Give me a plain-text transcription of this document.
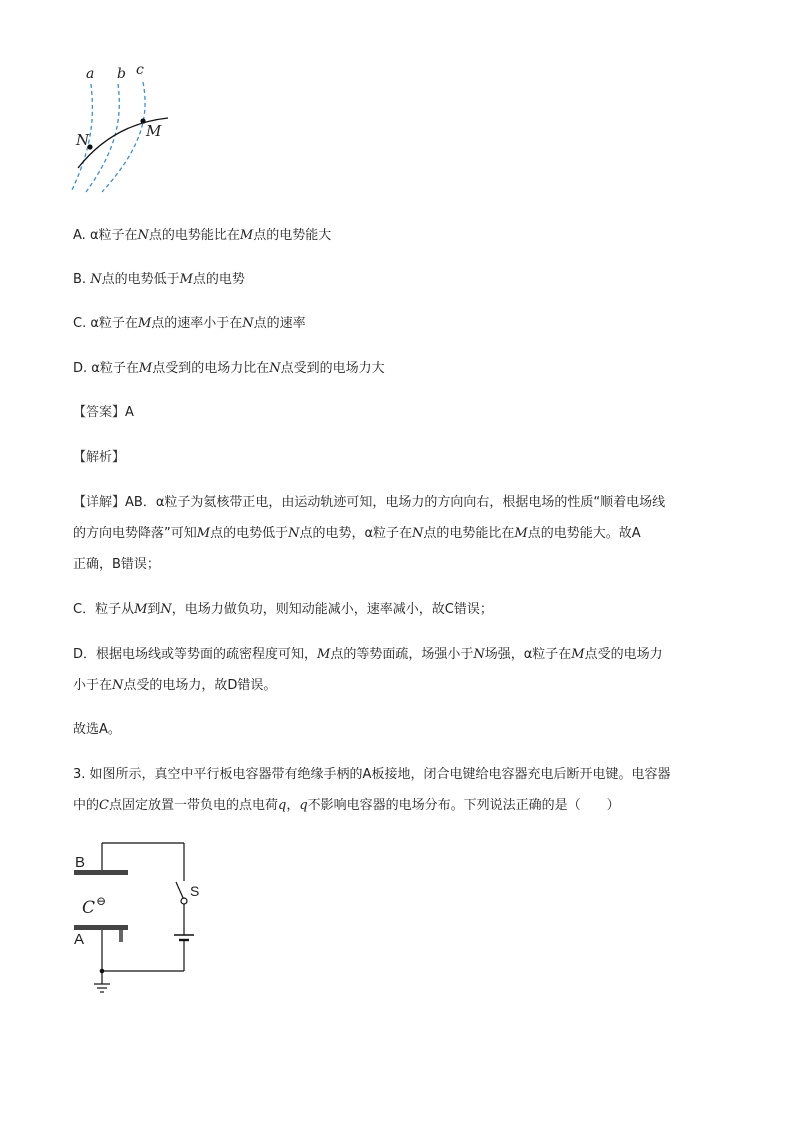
a b c
N	M
A. α粒子在N点的电势能比在M点的电势能大
B. N点的电势低于M点的电势
C. α粒子在M点的速率小于在N点的速率
D. α粒子在M点受到的电场力比在N点受到的电场力大
【答案】A
【解析】
【详解】AB．α粒子为氦核带正电，由运动轨迹可知，电场力的方向向右，根据电场的性质“顺着电场线
的方向电势降落”可知M点的电势低于N点的电势，α粒子在N点的电势能比在M点的电势能大。故A
正确，B错误；
C．粒子从M到N，电场力做负功，则知动能减小，速率减小，故C错误；
D．根据电场线或等势面的疏密程度可知，M点的等势面疏，场强小于N场强，α粒子在M点受的电场力
小于在N点受的电场力，故D错误。
故选A。
3. 如图所示，真空中平行板电容器带有绝缘手柄的A板接地，闭合电键给电容器充电后断开电键。电容器
中的C点固定放置一带负电的点电荷q，q不影响电容器的电场分布。下列说法正确的是（　　）
B
A
C ⊖
S
